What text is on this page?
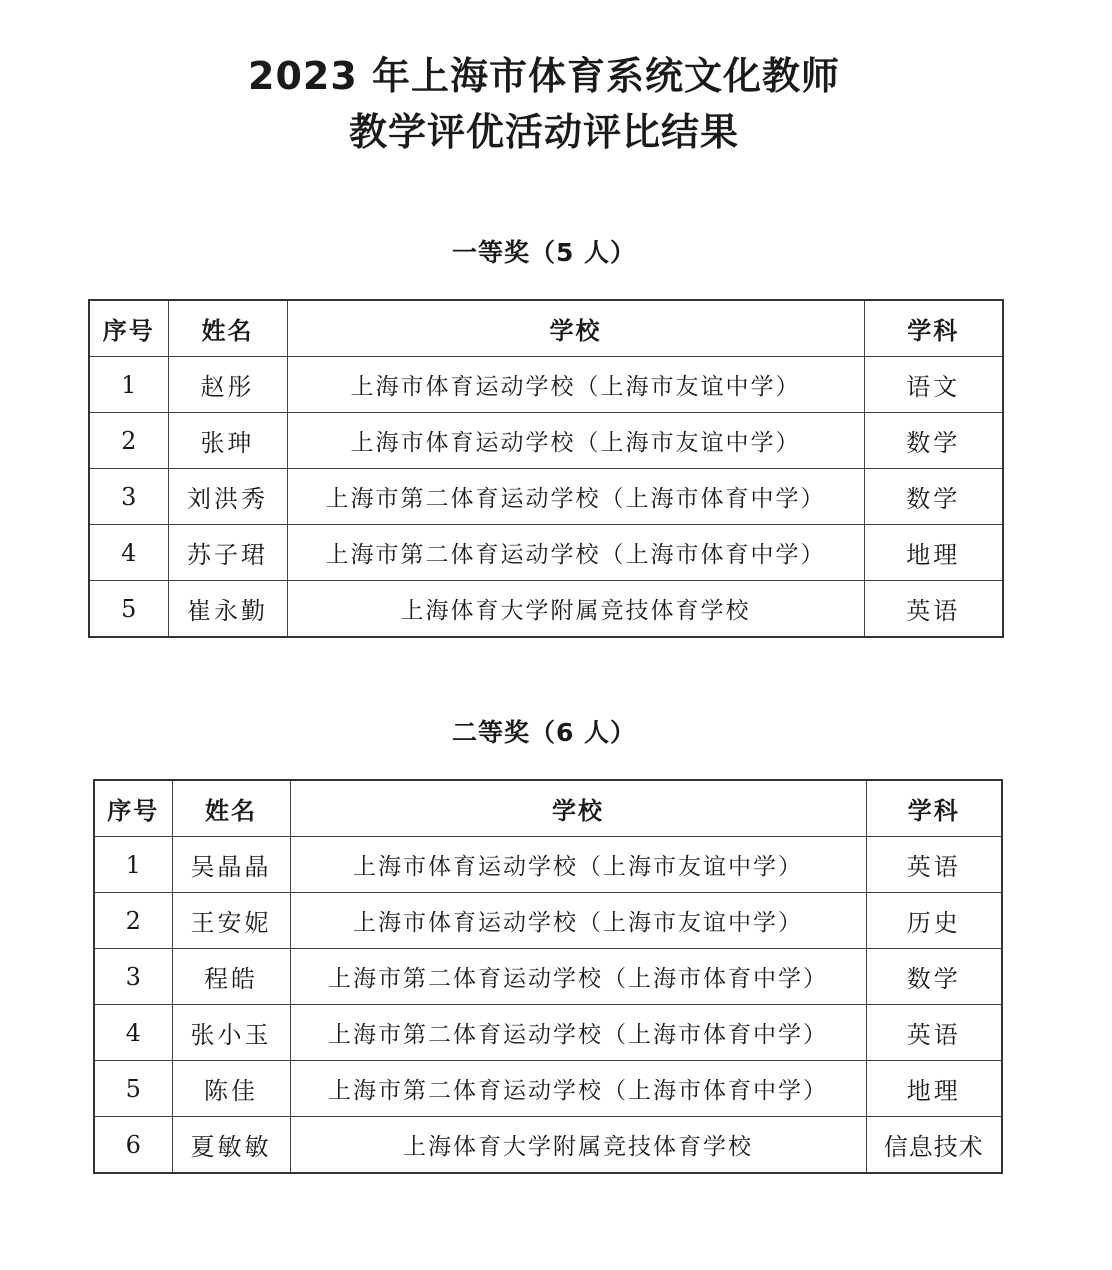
2023 年上海市体育系统文化教师
教学评优活动评比结果
一等奖（5 人）
序号	姓名	学校	学科
1	赵彤	上海市体育运动学校（上海市友谊中学）	语文
2	张珅	上海市体育运动学校（上海市友谊中学）	数学
3	刘洪秀	上海市第二体育运动学校（上海市体育中学）	数学
4	苏子珺	上海市第二体育运动学校（上海市体育中学）	地理
5	崔永勤	上海体育大学附属竞技体育学校	英语
二等奖（6 人）
序号	姓名	学校	学科
1	吴晶晶	上海市体育运动学校（上海市友谊中学）	英语
2	王安妮	上海市体育运动学校（上海市友谊中学）	历史
3	程皓	上海市第二体育运动学校（上海市体育中学）	数学
4	张小玉	上海市第二体育运动学校（上海市体育中学）	英语
5	陈佳	上海市第二体育运动学校（上海市体育中学）	地理
6	夏敏敏	上海体育大学附属竞技体育学校	信息技术
